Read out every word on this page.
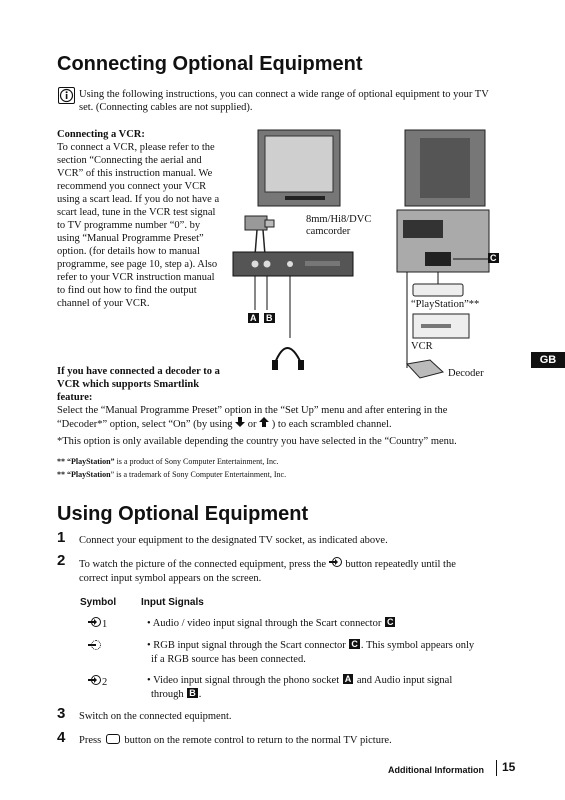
Connecting Optional Equipment
Using the following instructions, you can connect a wide range of optional equipment to your TV set. (Connecting cables are not supplied).
Connecting a VCR:
To connect a VCR, please refer to the section “Connecting the aerial and VCR” of this instruction manual. We recommend you connect your VCR using a scart lead. If you do not have a scart lead, tune in the VCR test signal to TV programme number “0”. by using “Manual Programme Preset” option. (for details how to manual programme, see page 10, step a). Also refer to your VCR instruction manual to find out how to find the output channel of your VCR.
If you have connected a decoder to a VCR which supports Smartlink feature:
Select the “Manual Programme Preset” option in the “Set Up” menu and after entering in the
“Decoder*” option, select “On” (by using or ) to each scrambled channel.
*This option is only available depending the country you have selected in the “Country” menu.
** “PlayStation” is a product of Sony Computer Entertainment, Inc.
** “PlayStation” is a trademark of Sony Computer Entertainment, Inc.
8mm/Hi8/DVC camcorder
“PlayStation”**
VCR
Decoder
A B
C
GB
Using Optional Equipment
1 Connect your equipment to the designated TV socket, as indicated above.
2 To watch the picture of the connected equipment, press the button repeatedly until the
correct input symbol appears on the screen.
Symbol Input Signals
1	• Audio / video input signal through the Scart connector C
• RGB input signal through the Scart connector C . This symbol appears only
if a RGB source has been connected.
2	• Video input signal through the phono socket A and Audio input signal
through B .
3 Switch on the connected equipment.
4 Press button on the remote control to return to the normal TV picture.
Additional Information 15
